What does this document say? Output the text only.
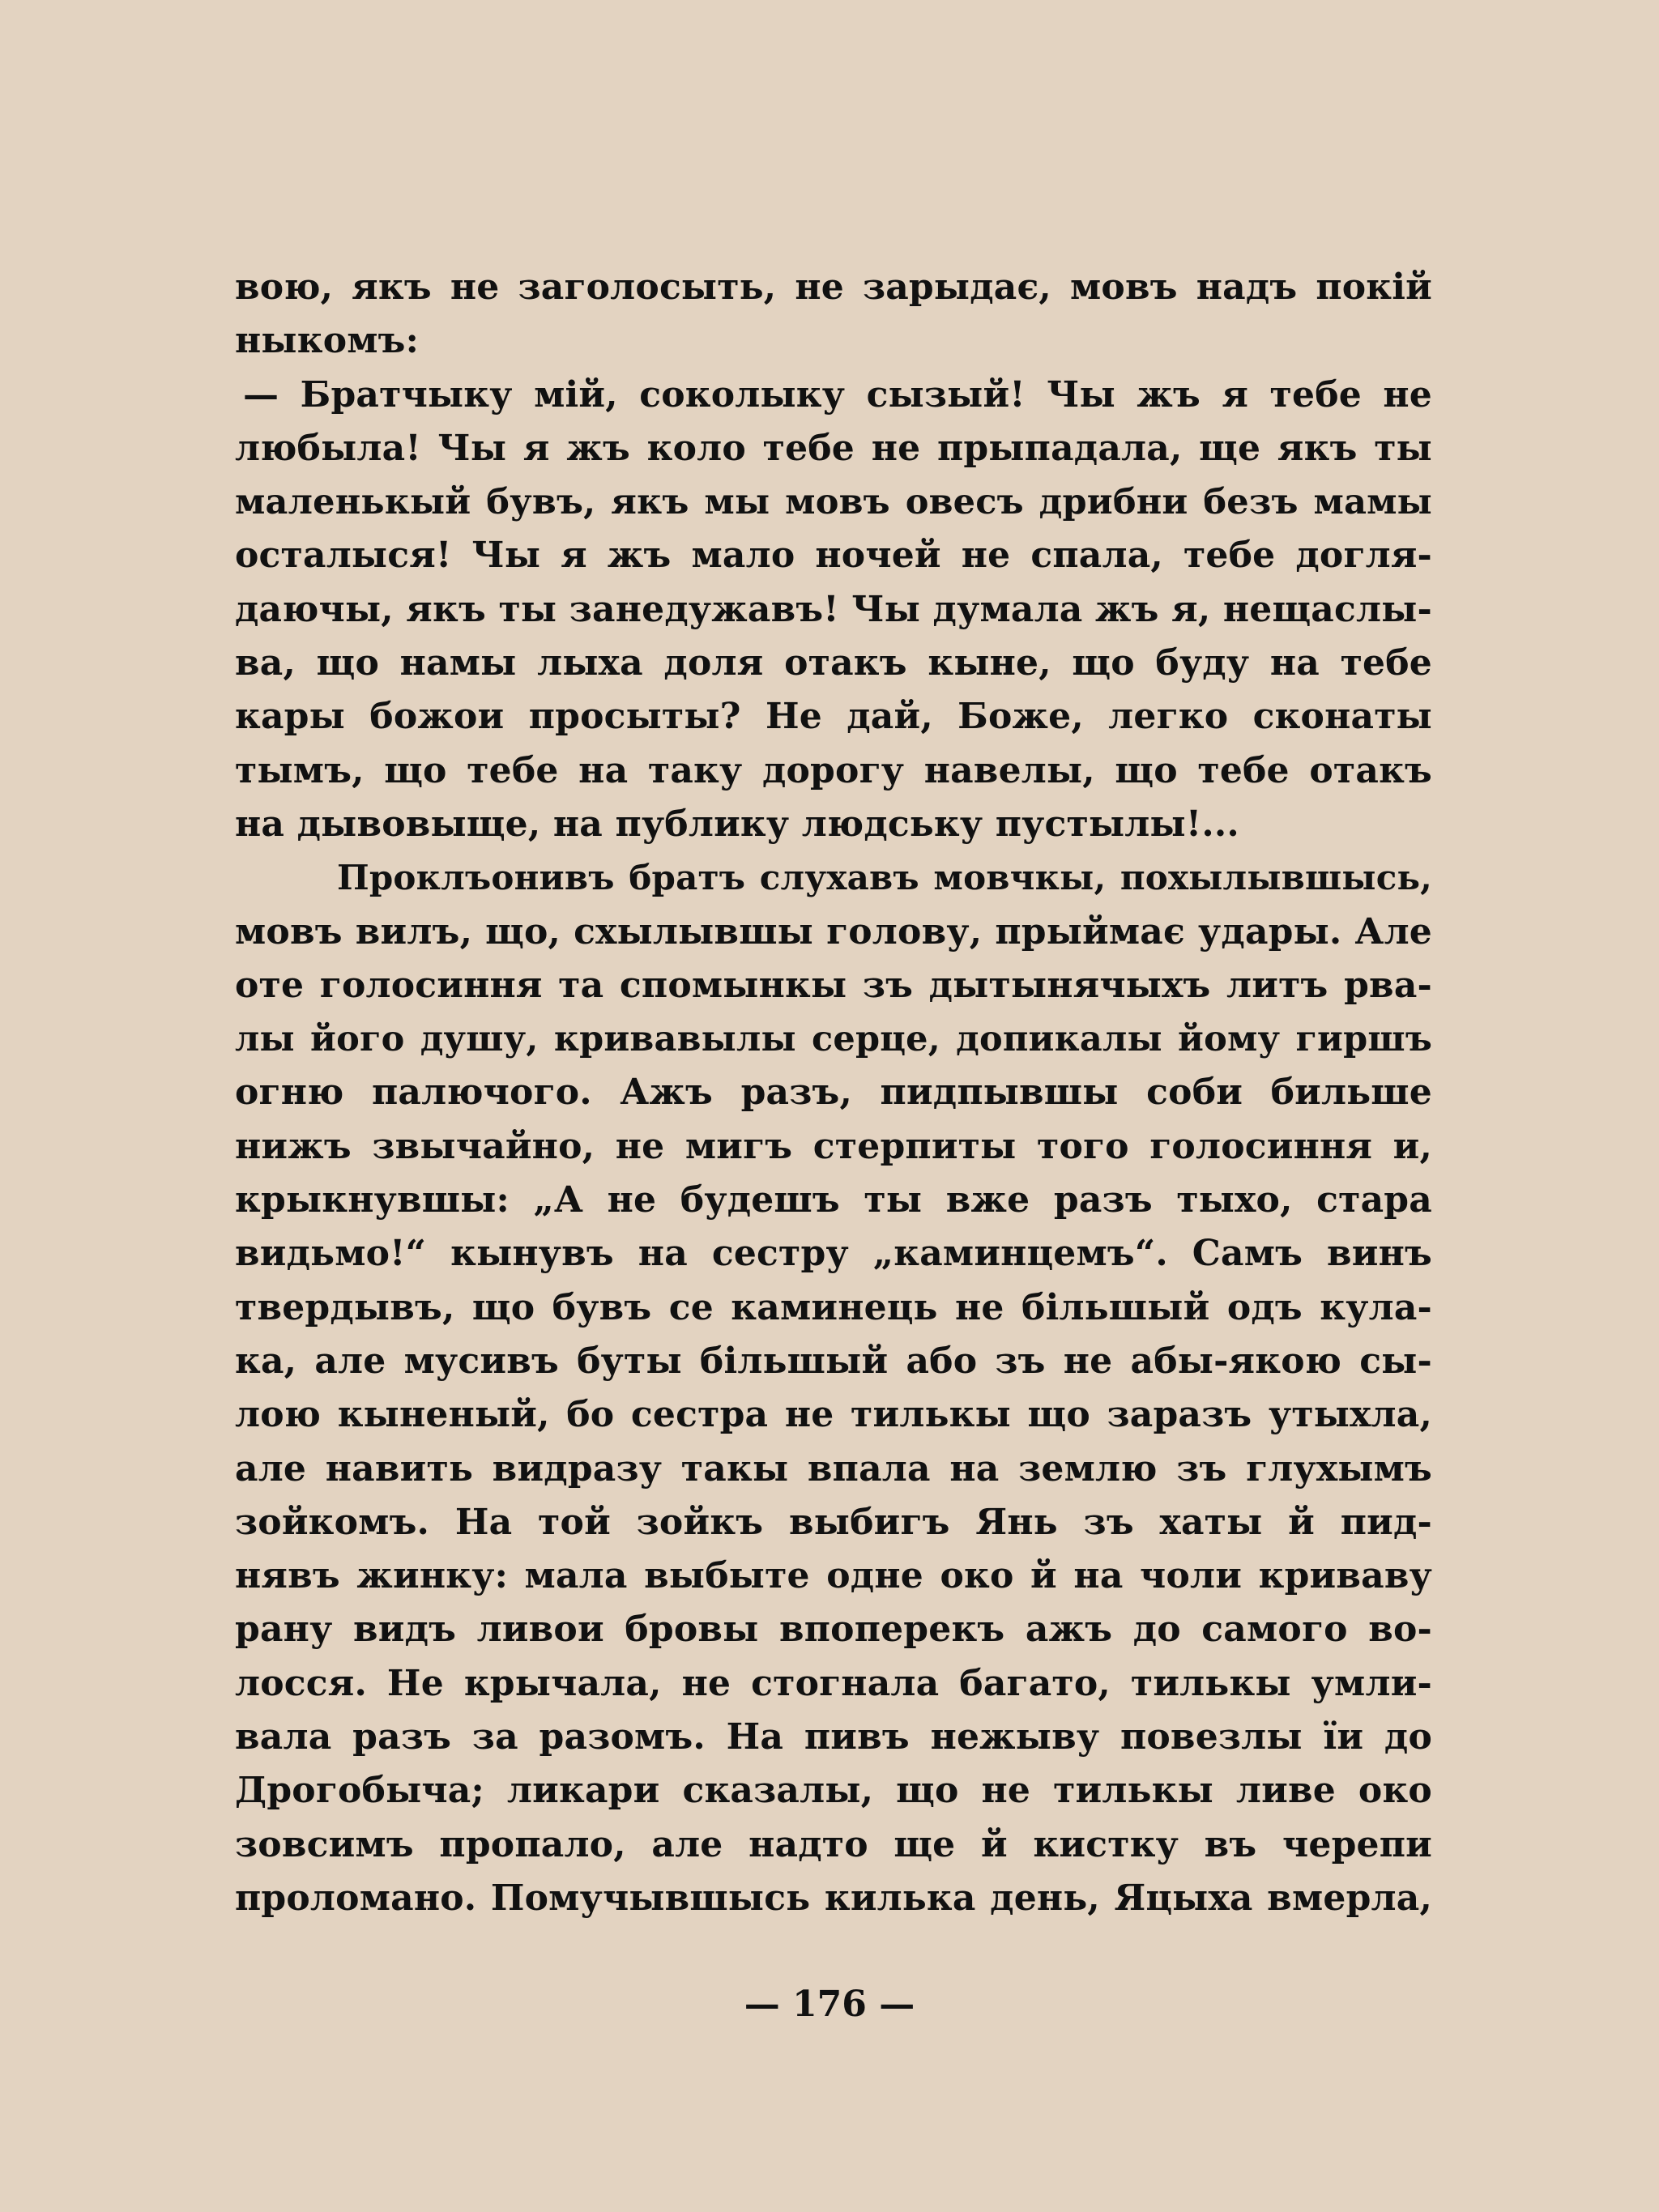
вою, якъ не заголосыть, не зарыдає, мовъ надъ покій
ныкомъ:
— Братчыку мій, соколыку сызый! Чы жъ я тебе не
любыла! Чы я жъ коло тебе не прыпадала, ще якъ ты
маленькый бувъ, якъ мы мовъ овесъ дрибни безъ мамы
осталыся! Чы я жъ мало ночей не спала, тебе догля-
даючы, якъ ты занедужавъ! Чы думала жъ я, нещаслы-
ва, що намы лыха доля отакъ кыне, що буду на тебе
кары божои просыты? Не дай, Боже, легко сконаты
тымъ, що тебе на таку дорогу навелы, що тебе отакъ
на дывовыще, на публику людську пустылы!...
Проклъонивъ братъ слухавъ мовчкы, похылывшысь,
мовъ вилъ, що, схылывшы голову, прыймає удары. Але
оте голосиння та спомынкы зъ дытынячыхъ литъ рва-
лы його душу, кривавылы серце, допикалы йому гиршъ
огню палючого. Ажъ разъ, пидпывшы соби бильше
нижъ звычайно, не мигъ стерпиты того голосиння и,
крыкнувшы: „А не будешъ ты вже разъ тыхо, стара
видьмо!“ кынувъ на сестру „каминцемъ“. Самъ винъ
твердывъ, що бувъ се каминець не більшый одъ кула-
ка, але мусивъ буты більшый або зъ не абы-якою сы-
лою кыненый, бо сестра не тилькы що заразъ утыхла,
але навить видразу такы впала на землю зъ глухымъ
зойкомъ. На той зойкъ выбигъ Янь зъ хаты й пид-
нявъ жинку: мала выбыте одне око й на чоли криваву
рану видъ ливои бровы впоперекъ ажъ до самого во-
лосся. Не крычала, не стогнала багато, тилькы умли-
вала разъ за разомъ. На пивъ нежыву повезлы їи до
Дрогобыча; ликари сказалы, що не тилькы ливе око
зовсимъ пропало, але надто ще й кистку въ черепи
проломано. Помучывшысь килька день, Яцыха вмерла,
— 176 —
